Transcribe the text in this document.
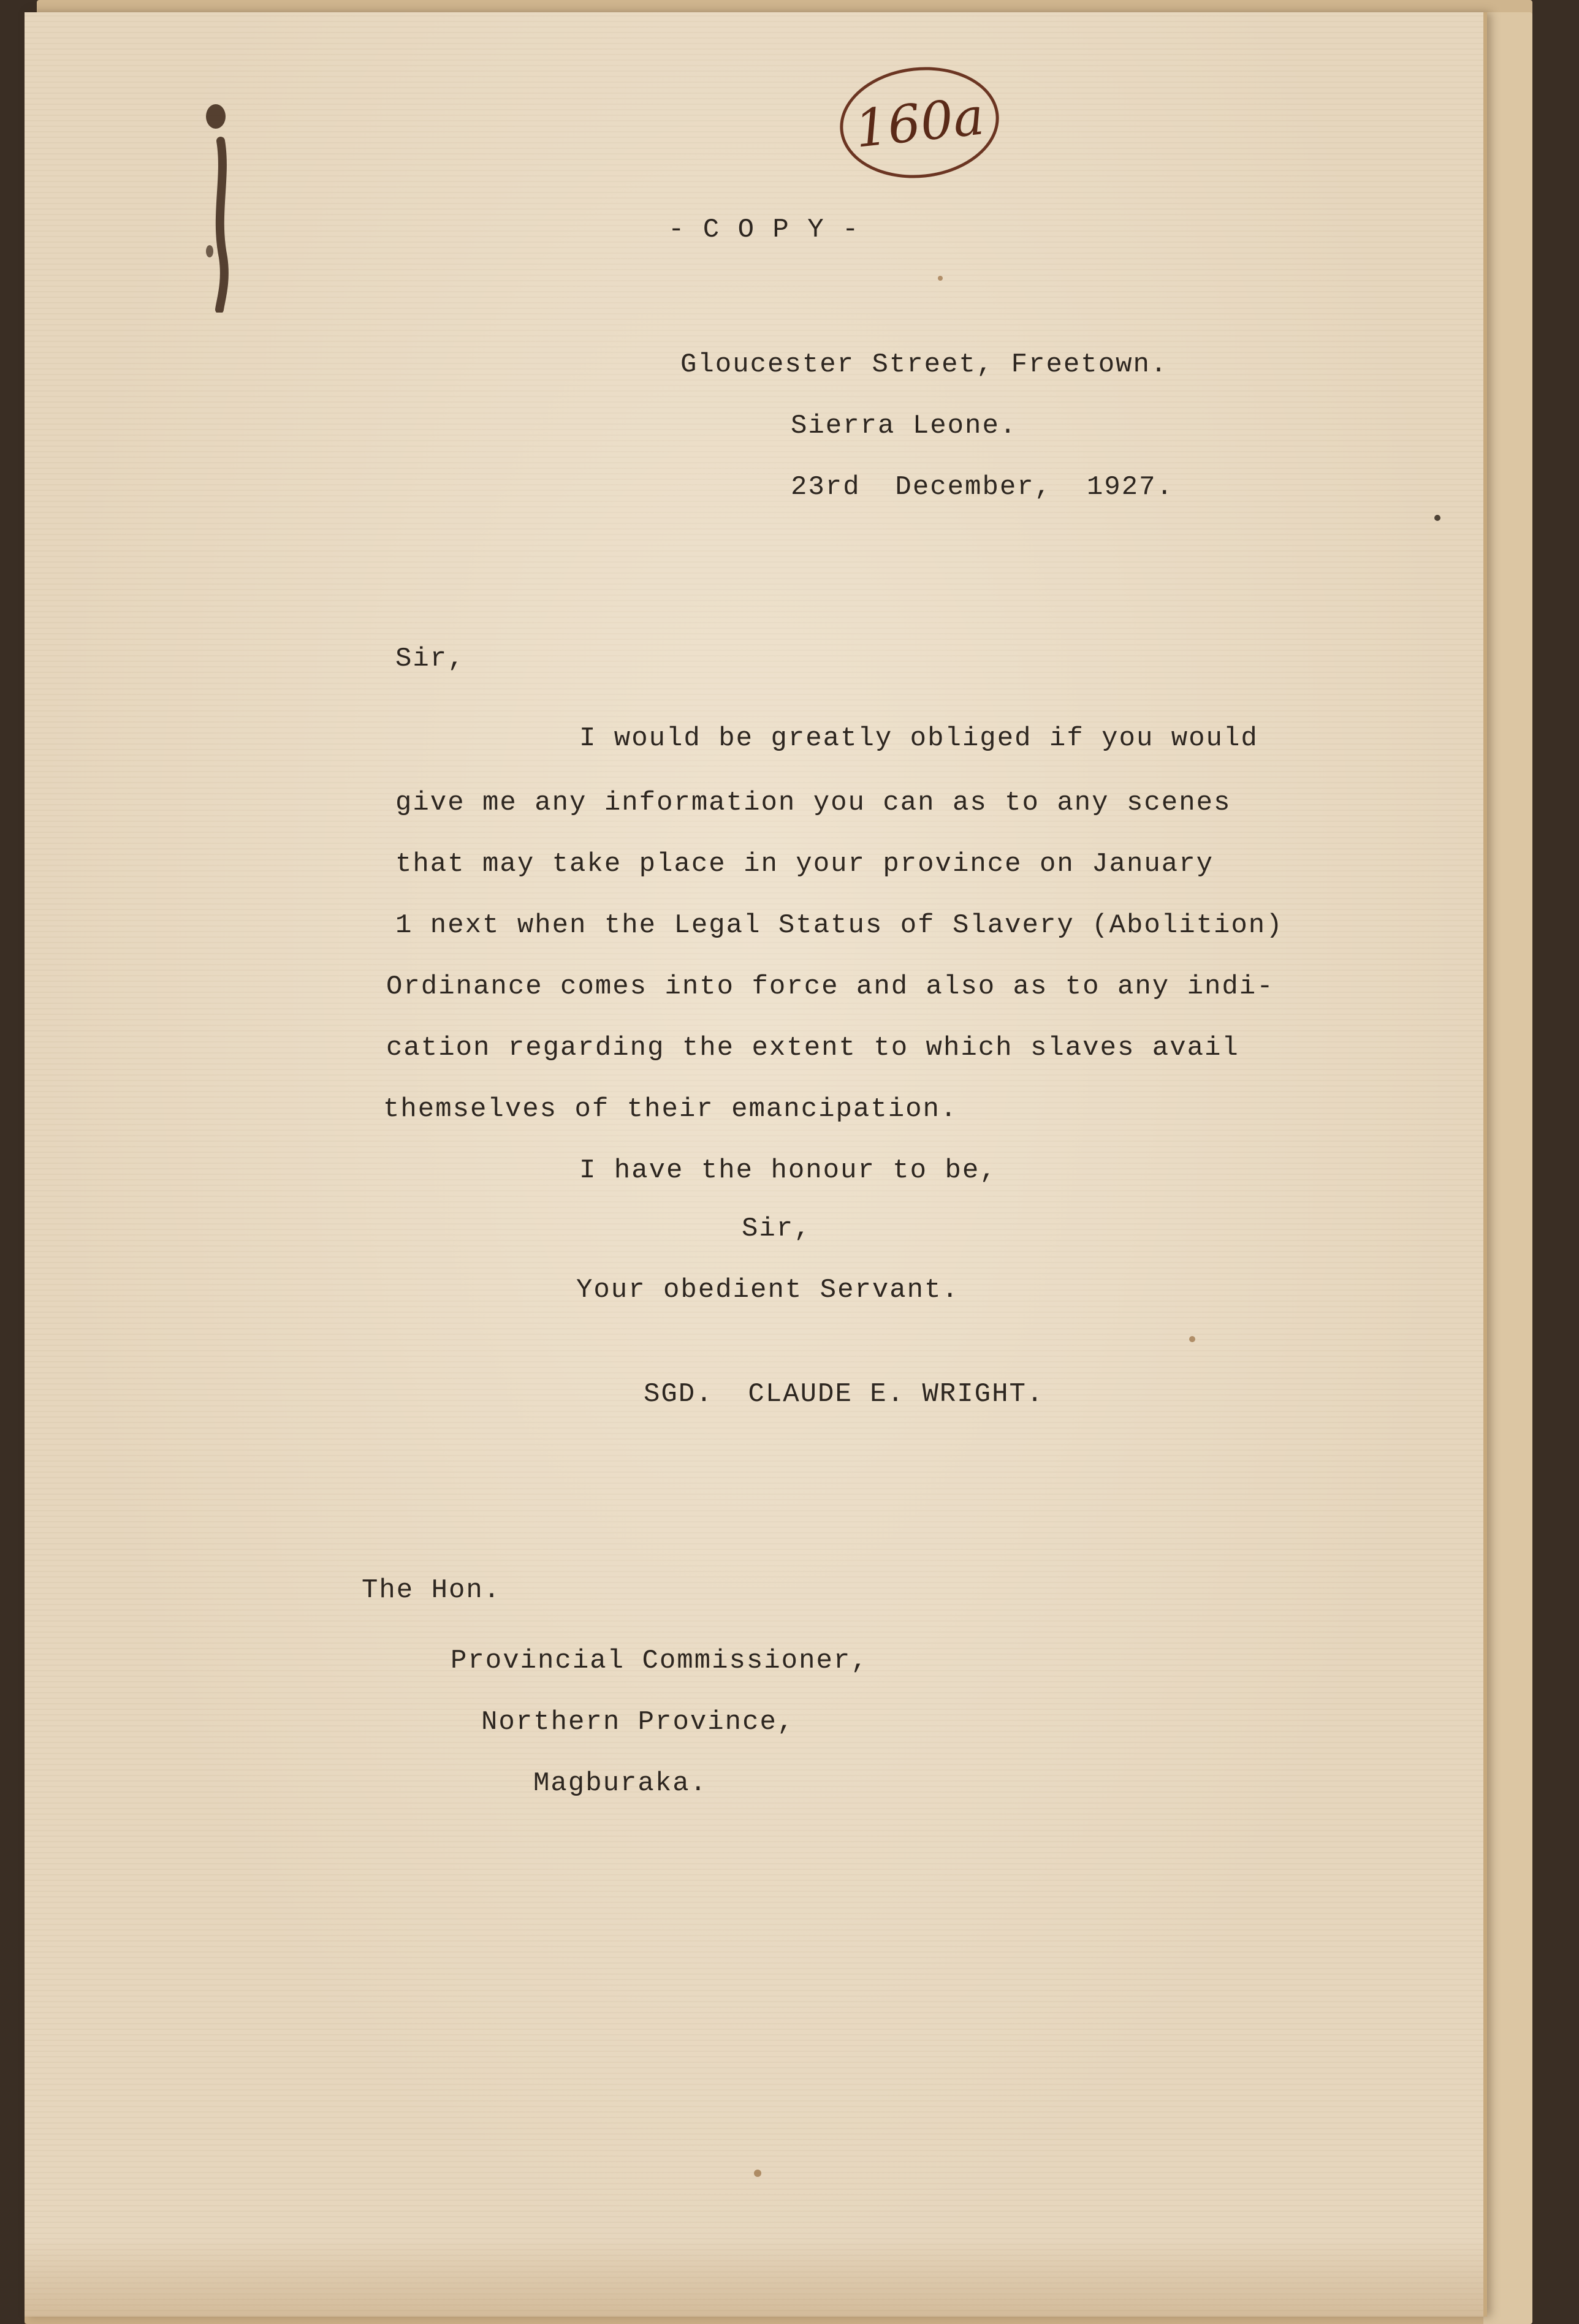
160a
- C O P Y -
Gloucester Street, Freetown.
Sierra Leone.
23rd  December,  1927.
Sir,
I would be greatly obliged if you would
give me any information you can as to any scenes
that may take place in your province on January
1 next when the Legal Status of Slavery (Abolition)
Ordinance comes into force and also as to any indi-
cation regarding the extent to which slaves avail
themselves of their emancipation.
I have the honour to be,
Sir,
Your obedient Servant.
SGD.  CLAUDE E. WRIGHT.
The Hon.
Provincial Commissioner,
Northern Province,
Magburaka.
